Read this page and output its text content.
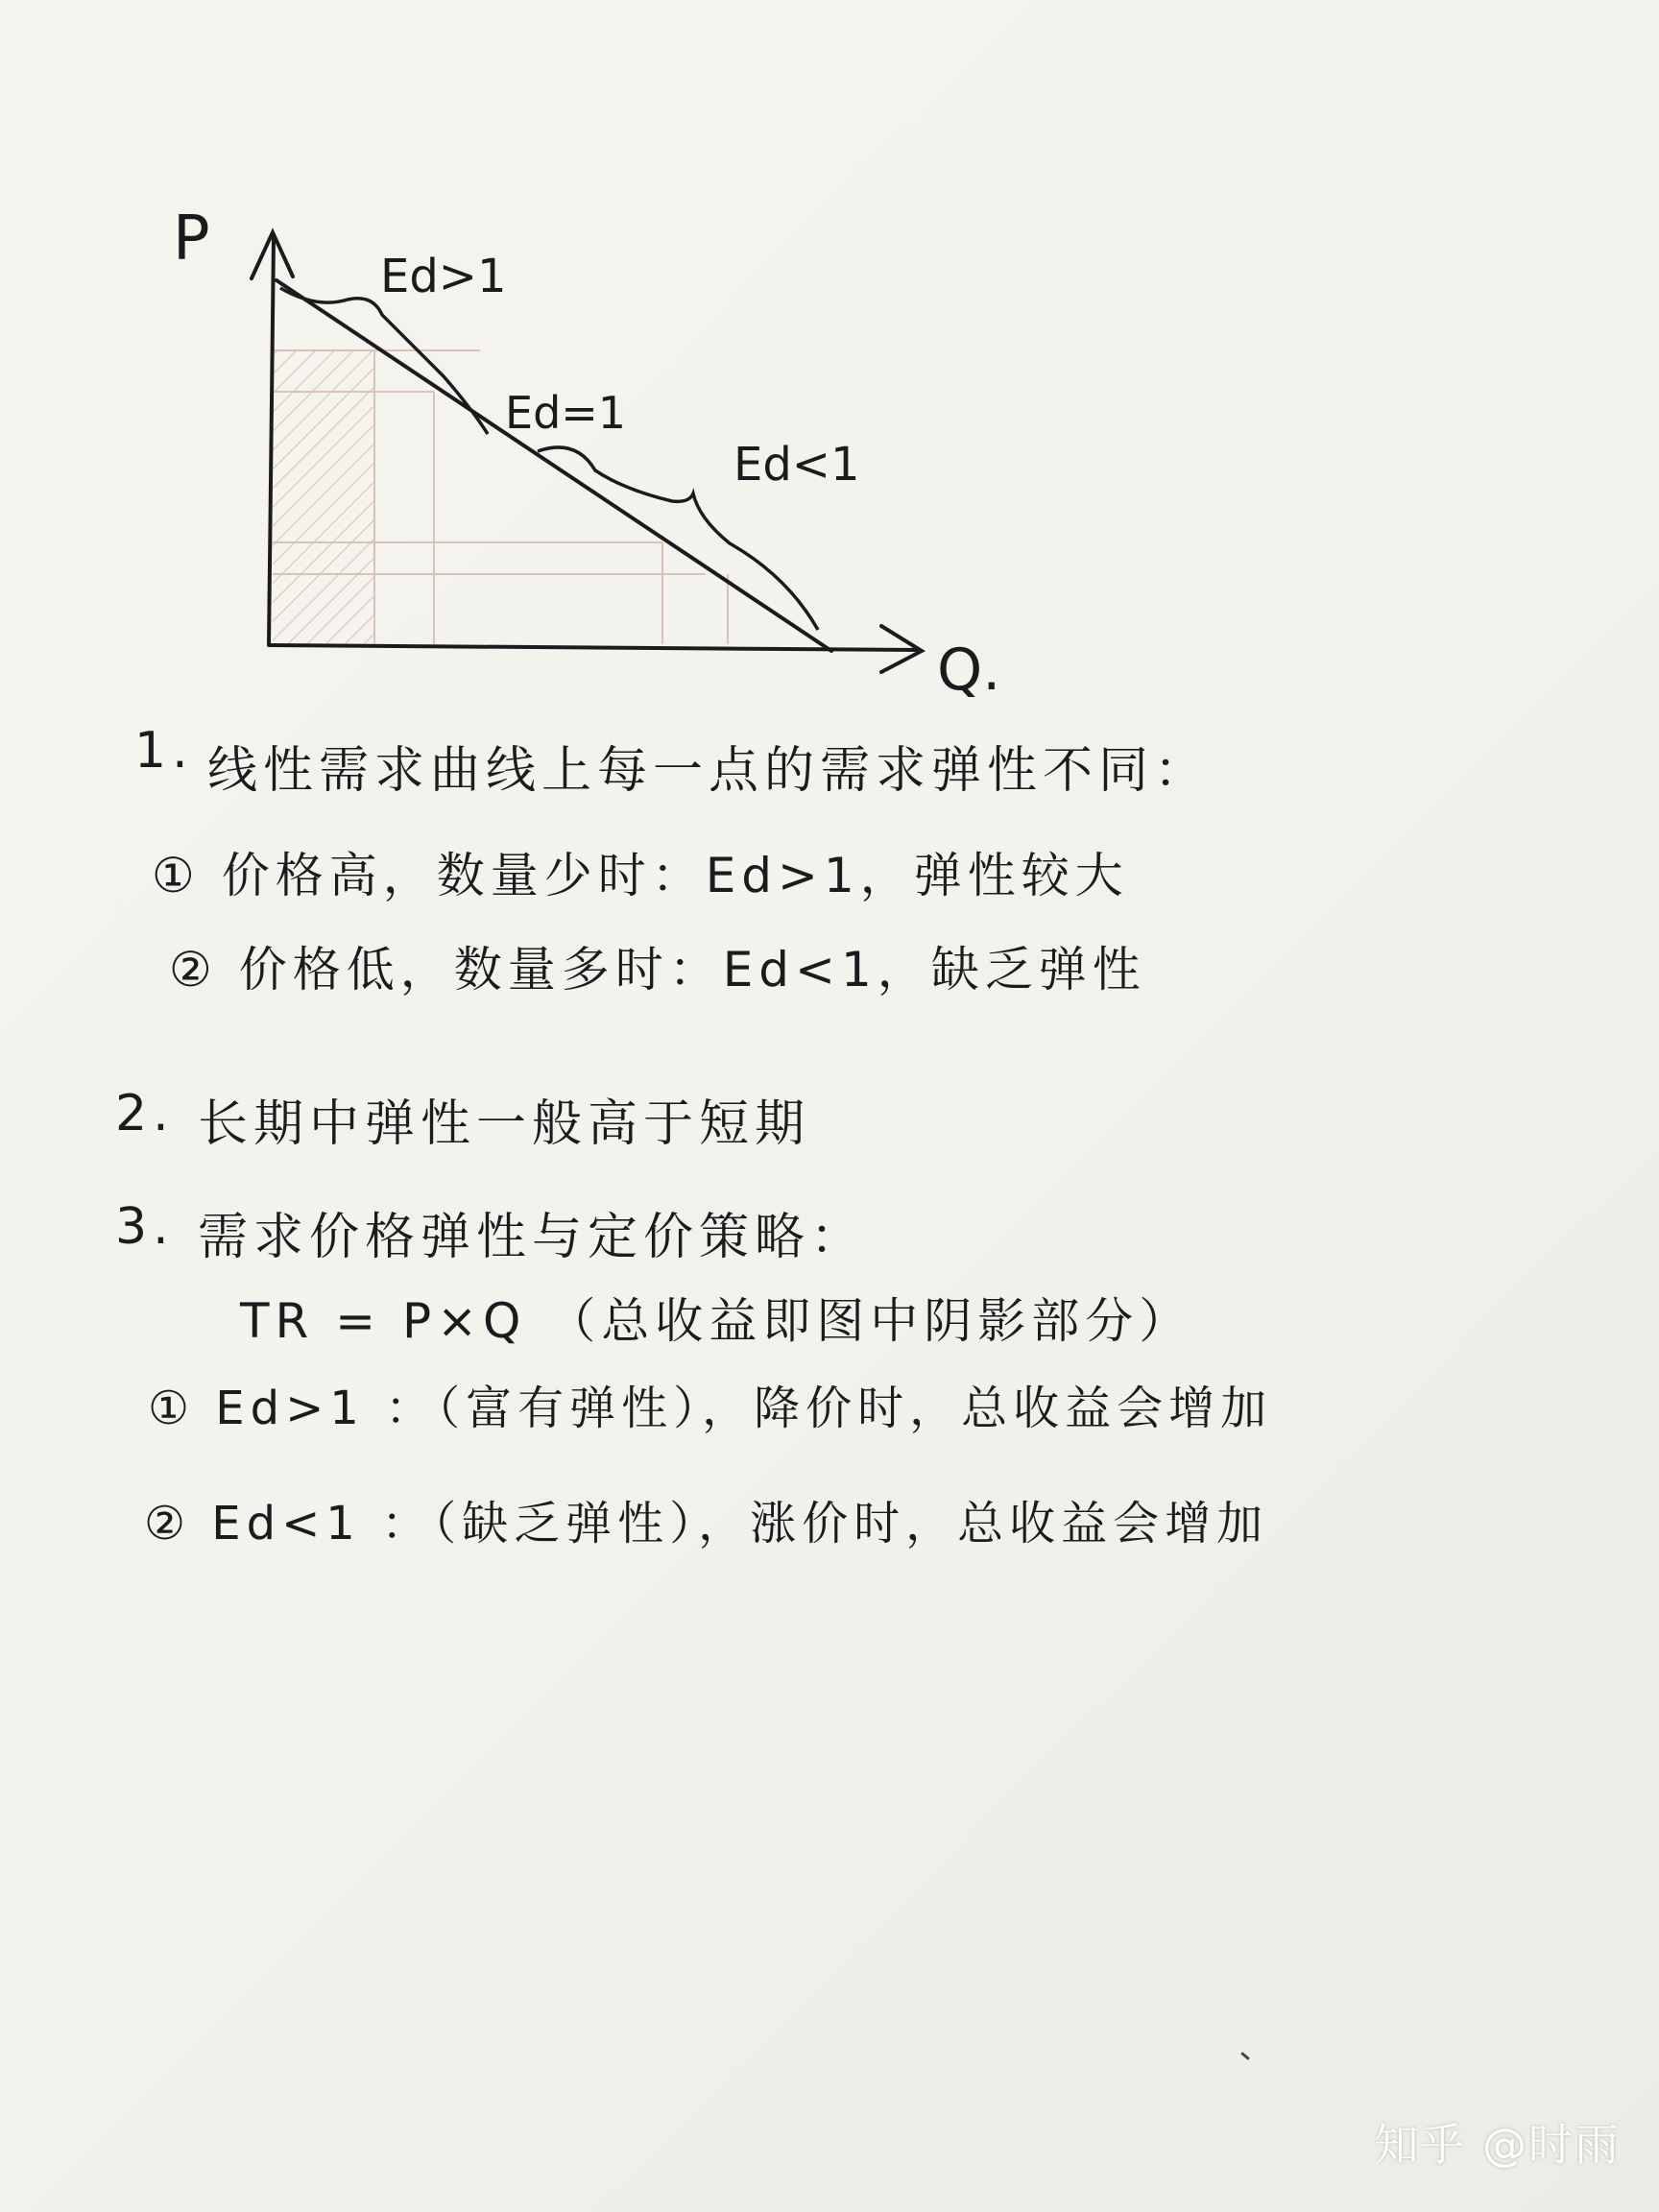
P
Q.
Ed>1
Ed=1
Ed<1
1. 线性需求曲线上每一点的需求弹性不同：
① 价格高，数量少时：Ed>1，弹性较大
② 价格低，数量多时：Ed<1，缺乏弹性
2. 长期中弹性一般高于短期
3. 需求价格弹性与定价策略：
TR = P×Q （总收益即图中阴影部分）
① Ed>1 ：（富有弹性），降价时，总收益会增加
② Ed<1 ：（缺乏弹性），涨价时，总收益会增加
知乎 @时雨
